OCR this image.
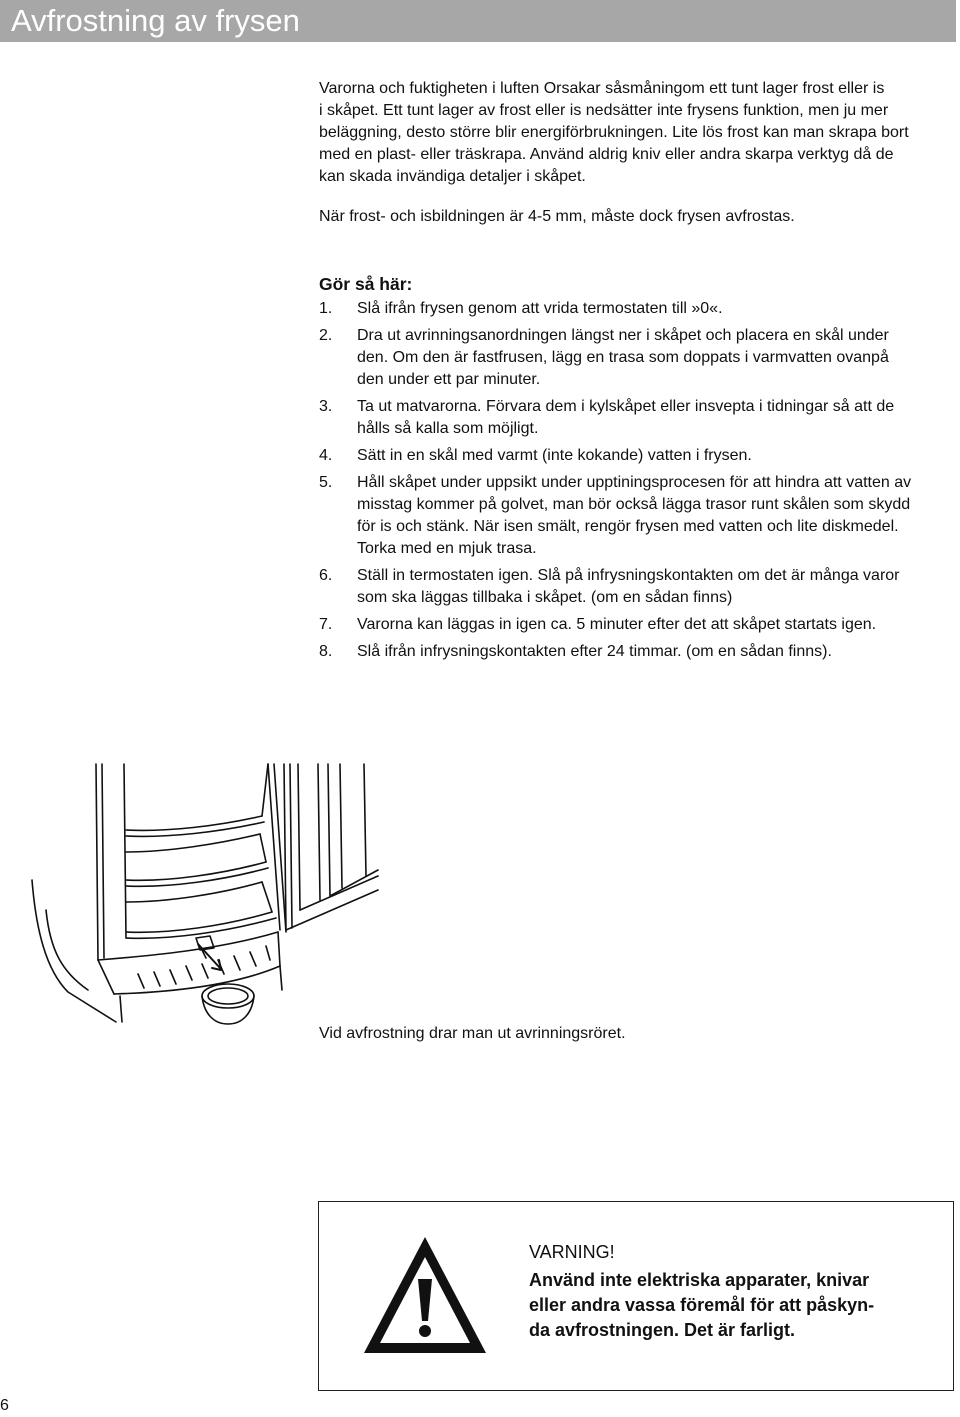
Avfrostning av frysen

Varorna och fuktigheten i luften Orsakar såsmåningom ett tunt lager frost eller is

i skåpet. Ett tunt lager av frost eller is nedsätter inte frysens funktion, men ju mer

beläggning, desto större blir energiförbrukningen. Lite lös frost kan man skrapa bort

med en plast- eller träskrapa. Använd aldrig kniv eller andra skarpa verktyg då de

kan skada invändiga detaljer i skåpet.

När frost- och isbildningen är 4-5 mm, måste dock frysen avfrostas.
Gör så här:
1. Slå ifrån frysen genom att vrida termostaten till »0«.
2. Dra ut avrinningsanordningen längst ner i skåpet och placera en skål under
den. Om den är fastfrusen, lägg en trasa som doppats i varmvatten ovanpå
den under ett par minuter.
3. Ta ut matvarorna. Förvara dem i kylskåpet eller insvepta i tidningar så att de
hålls så kalla som möjligt.
4. Sätt in en skål med varmt (inte kokande) vatten i frysen.
5. Håll skåpet under uppsikt under upptiningsprocesen för att hindra att vatten av
misstag kommer på golvet, man bör också lägga trasor runt skålen som skydd
för is och stänk. När isen smält, rengör frysen med vatten och lite diskmedel.
Torka med en mjuk trasa.
6. Ställ in termostaten igen. Slå på infrysningskontakten om det är många varor
som ska läggas tillbaka i skåpet. (om en sådan finns)
7. Varorna kan läggas in igen ca. 5 minuter efter det att skåpet startats igen.
8. Slå ifrån infrysningskontakten efter 24 timmar. (om en sådan finns).
Vid avfrostning drar man ut avrinningsröret.
VARNING!
Använd inte elektriska apparater, knivar
eller andra vassa föremål för att påskyn-
da avfrostningen. Det är farligt.
6
